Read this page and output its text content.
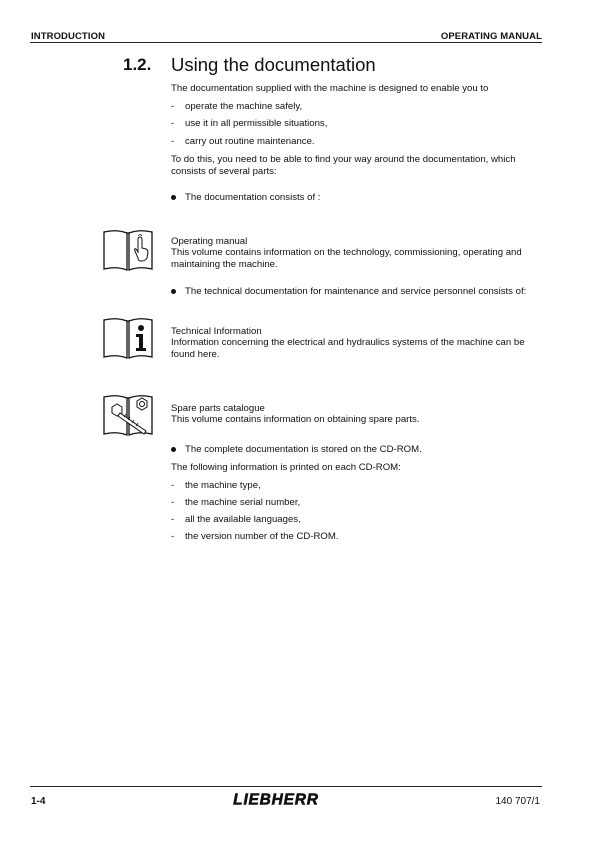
INTRODUCTION	OPERATING MANUAL
1.2. Using the documentation
The documentation supplied with the machine is designed to enable you to
- operate the machine safely,
- use it in all permissible situations,
- carry out routine maintenance.
To do this, you need to be able to find your way around the documentation, which consists of several parts:
The documentation consists of :
Operating manual
This volume contains information on the technology, commissioning, operating and maintaining the machine.
The technical documentation for maintenance and service personnel consists of:
Technical Information
Information concerning the electrical and hydraulics systems of the machine can be found here.
Spare parts catalogue
This volume contains information on obtaining spare parts.
The complete documentation is stored on the CD-ROM.
The following information is printed on each CD-ROM:
- the machine type,
- the machine serial number,
- all the available languages,
- the version number of the CD-ROM.
1-4	LIEBHERR	140 707/1
